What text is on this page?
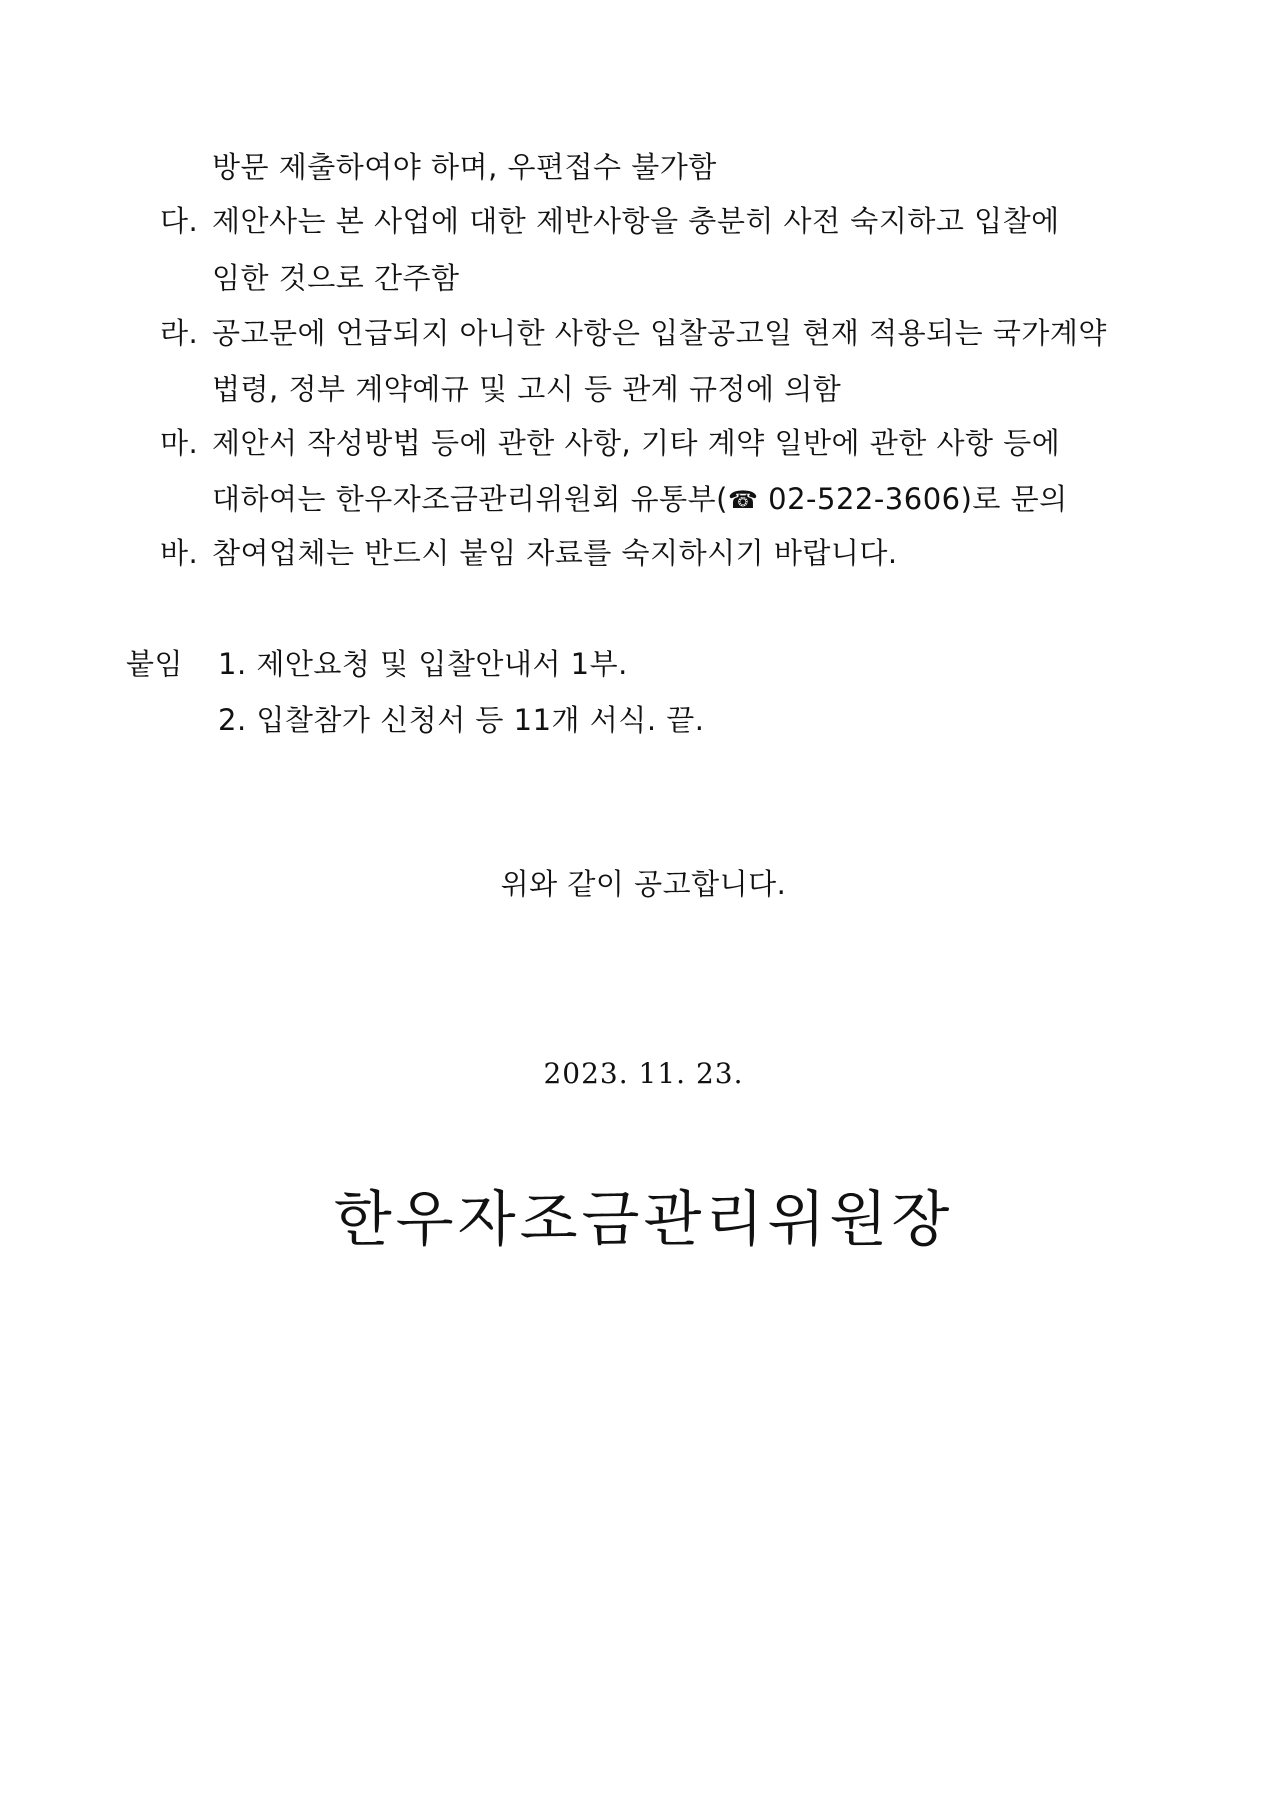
방문 제출하여야 하며, 우편접수 불가함
다. 제안사는 본 사업에 대한 제반사항을 충분히 사전 숙지하고 입찰에
임한 것으로 간주함
라. 공고문에 언급되지 아니한 사항은 입찰공고일 현재 적용되는 국가계약
법령, 정부 계약예규 및 고시 등 관계 규정에 의함
마. 제안서 작성방법 등에 관한 사항, 기타 계약 일반에 관한 사항 등에
대하여는 한우자조금관리위원회 유통부(☎ 02-522-3606)로 문의
바. 참여업체는 반드시 붙임 자료를 숙지하시기 바랍니다.
붙임 1. 제안요청 및 입찰안내서 1부.
2. 입찰참가 신청서 등 11개 서식. 끝.
위와 같이 공고합니다.
2023. 11. 23.
한우자조금관리위원장
